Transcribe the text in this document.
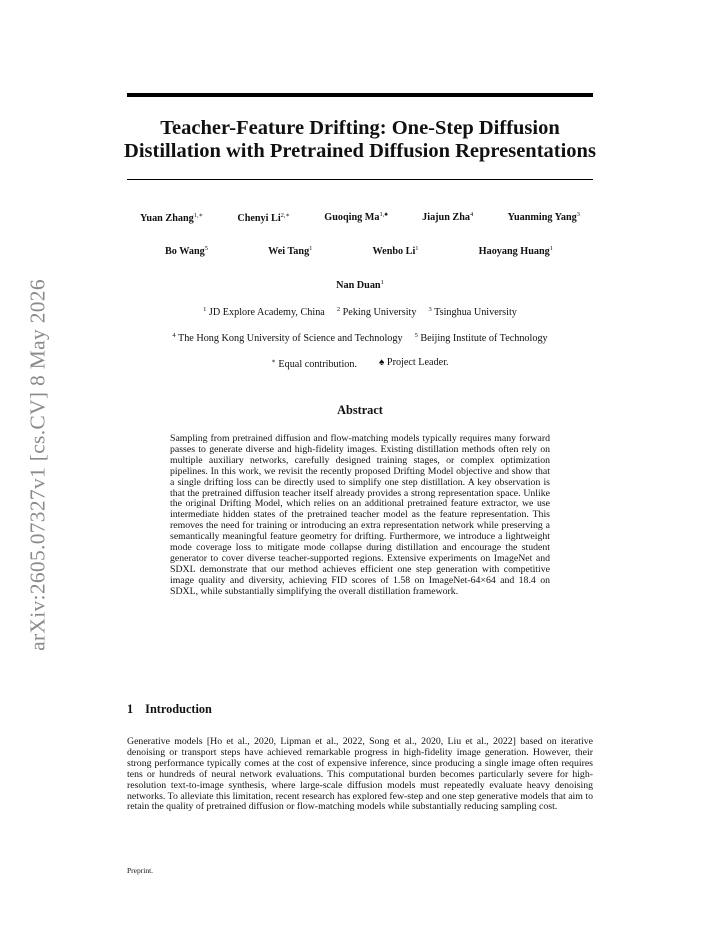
Teacher-Feature Drifting: One-Step Diffusion
Distillation with Pretrained Diffusion Representations
arXiv:2605.07327v1 [cs.CV] 8 May 2026
Yuan Zhang$^{1,∗}$	Chenyi $Li^{2,∗}$	Guoqing $Ma^{1,♠}$	Jiajun Zha$^4$	Yuanming Yang$^3$
Bo Wang$^5$	Wei Tang$^1$	Wenbo Li$^1$	Haoyang Huang$^1$
Nan Duan$^1$
$^1$ JD Explore Academy, China $^2$ Peking University $^3$ Tsinghua University
$^4$ The Hong Kong University of Science and Technology $^5$ Beijing Institute of Technology
∗ Equal contribution. ♠ Project Leader.
Abstract
Sampling from pretrained diffusion and flow-matching models typically requires many forward passes to generate diverse and high-fidelity images. Existing distillation methods often rely on multiple auxiliary networks, carefully designed training stages, or complex optimization pipelines. In this work, we revisit the recently proposed Drifting Model objective and show that a single drifting loss can be directly used to simplify one step distillation. A key observation is that the pretrained diffusion teacher itself already provides a strong representation space. Unlike the original Drifting Model, which relies on an additional pretrained feature extractor, we use intermediate hidden states of the pretrained teacher model as the feature representation. This removes the need for training or introducing an extra representation network while preserving a semantically meaningful feature geometry for drifting. Furthermore, we introduce a lightweight mode coverage loss to mitigate mode collapse during distillation and encourage the student generator to cover diverse teacher-supported regions. Extensive experiments on ImageNet and SDXL demonstrate that our method achieves efficient one step generation with competitive image quality and diversity, achieving FID scores of 1.58 on ImageNet-64×64 and 18.4 on SDXL, while substantially simplifying the overall distillation framework.
1 Introduction
Generative models [Ho et al., 2020, Lipman et al., 2022, Song et al., 2020, Liu et al., 2022] based on iterative denoising or transport steps have achieved remarkable progress in high-fidelity image generation. However, their strong performance typically comes at the cost of expensive inference, since producing a single image often requires tens or hundreds of neural network evaluations. This computational burden becomes particularly severe for high-resolution text-to-image synthesis, where large-scale diffusion models must repeatedly evaluate heavy denoising networks. To alleviate this limitation, recent research has explored few-step and one step generative models that aim to retain the quality of pretrained diffusion or flow-matching models while substantially reducing sampling cost.
Preprint.
